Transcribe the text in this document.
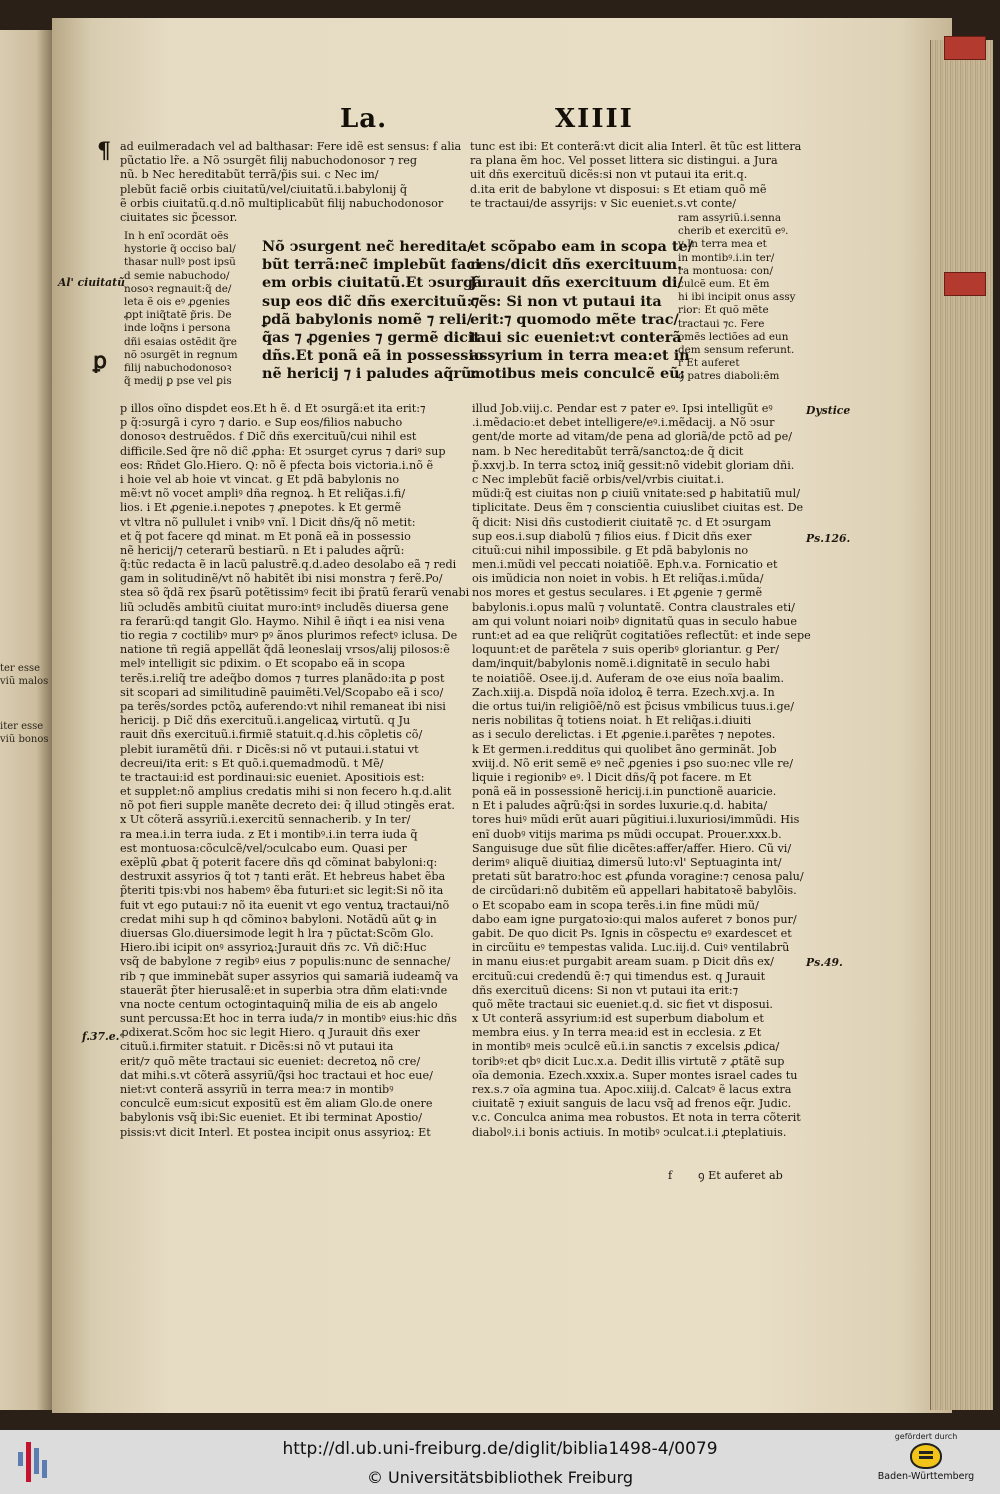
ter esse
viũ malos
iter esse
viũ bonos
La.	XIIII
¶
ꝑ
ad euilmeradach vel ad balthasar: Fere idẽ est sensus: ẜ alia
pũctatio lr̃e. a Nõ ↄsurgẽt filij nabuchodonosor ⁊ reg
nũ. b Nec hereditabũt terrã/p̃is sui. c Nec im/
plebũt faciẽ orbis ciuitatũ/vel/ciuitatũ.i.babylonij q̃
ẽ orbis ciuitatũ.q.d.nõ multiplicabũt filij nabuchodonosor
ciuitates sic p̃cessor.
In h enĩ ↄcordãt oẽs
hystorie q̃ occiso bal/
thasar nullꝰ post ipsũ
d semie nabuchodo/
nosoꝛ regnauit:q̃ de/
leta ẽ ois eꝰ ꝓgenies
ꝓpt iniq̃tatẽ p̃ris. De
inde loq̃ns i persona
dñi esaias ostẽdit q̃re
nõ ↄsurgẽt in regnum
filij nabuchodonosoꝛ
q̃ medij ꝑ pse vel ꝑis
Nõ ↄsurgent nec̃ heredita/
bũt terrã:nec̃ implebũt faci
em orbis ciuitatũ.Et ↄsurgã
sup eos dic̃ dñs exercituũ:⁊
ꝑdã babylonis nomẽ ⁊ reli/
q̃as ⁊ ꝓgenies ⁊ germẽ dicit
dñs.Et ponã eã in possessio
nẽ hericij ⁊ i paludes aq̃rũ:
et scõpabo eam in scopa te/
rens/dicit dñs exercituum.
Jurauit dñs exercituum di/
cẽs: Si non vt putaui ita
erit:⁊ quomodo mẽte trac/
taui sic eueniet:vt conterã
assyrium in terra mea:et in
motibus meis conculcẽ eũ:
tunc est ibi: Et conterã:vt dicit alia Interl. ẽt tũc est littera
ra plana ẽm hoc. Vel posset littera sic distingui. a Jura
uit dñs exercituũ dicẽs:si non vt putaui ita erit.q.
d.ita erit de babylone vt disposui: s Et etiam quõ mẽ
te tractaui/de assyrijs: v Sic eueniet.s.vt conte/
ram assyriũ.i.senna
cherib et exercitũ eꝰ.
y In terra mea et
in montibꝰ.i.in ter/
ra montuosa: con/
culcẽ eum. Et ẽm
hi ibi incipit onus assy
rior: Et quõ mẽte
tractaui ⁊c. Fere
omẽs lectiões ad eun
dem sensum referunt.
r Et auferet
ꝯ patres diaboli:ẽm
p illos oĩno dispdet eos.Et h ẽ. d Et ↄsurgã:et ita erit:⁊
p q̃:ↄsurgã i cyro ⁊ dario. e Sup eos/filios nabucho
donosoꝛ destruẽdos. f Dic̃ dñs exercituũ/cui nihil est
difficile.Sed q̃re nõ dic̃ ꝓpha: Et ↄsurget cyrus ⁊ dariꝰ sup
eos: Rñdet Glo.Hiero. Q: nõ ẽ pfecta bois victoria.i.nõ ẽ
i hoie vel ab hoie vt vincat. g Et pdã babylonis no
mẽ:vt nõ vocet ampliꝰ dña regnoꝝ. h Et reliq̃as.i.fi/
lios. i Et ꝓgenie.i.nepotes ⁊ ꝓnepotes. k Et germẽ
vt vltra nõ pullulet i vnibꝰ vnĩ. l Dicit dñs/q̃ nõ metit:
et q̃ pot facere qd minat. m Et ponã eã in possessio
nẽ hericij/⁊ ceterarũ bestiarũ. n Et i paludes aq̃rũ:
q̃:tũc redacta ẽ in lacũ palustrẽ.q.d.adeo desolabo eã ⁊ redi
gam in solitudinẽ/vt nõ habitẽt ibi nisi monstra ⁊ ferẽ.Po/
stea sõ q̃dã rex p̃sarũ potẽtissimꝰ fecit ibi p̃ratũ ferarũ venabi
liũ ↄcludẽs ambitũ ciuitat muro:intꝰ includẽs diuersa gene
ra ferarũ:qd tangit Glo. Haymo. Nihil ẽ iñqt i ea nisi vena
tio regia ⁊ coctilibꝰ murꝰ pꝰ ãnos plurimos refectꝰ iclusa. De
natione tñ regiã appellãt q̃dã leoneslaij vrsos/alij pilosos:ẽ
melꝰ intelligit sic pdixim. o Et scopabo eã in scopa
terẽs.i.reliq̃ tre adeq̃bo domos ⁊ turres planãdo:ita ꝑ post
sit scopari ad similitudinẽ pauimẽti.Vel/Scopabo eã i sco/
pa terẽs/sordes pctõꝝ auferendo:vt nihil remaneat ibi nisi
hericij. p Dic̃ dñs exercituũ.i.angelicaꝝ virtutũ. q Ju
rauit dñs exercituũ.i.firmiẽ statuit.q.d.his cõpletis cõ/
plebit iuramẽtũ dñi. r Dicẽs:si nõ vt putaui.i.statui vt
decreui/ita erit: s Et quõ.i.quemadmodũ. t Mẽ/
te tractaui:id est pordinaui:sic eueniet. Apositiois est:
et supplet:nõ amplius credatis mihi si non fecero h.q.d.alit
nõ pot fieri supple manẽte decreto dei: q̃ illud ↄtingẽs erat.
x Ut cõterã assyriũ.i.exercitũ sennacherib. y In ter/
ra mea.i.in terra iuda. z Et i montibꝰ.i.in terra iuda q̃
est montuosa:cõculcẽ/vel/ↄculcabo eum. Quasi per
exẽplũ ꝓbat q̃ poterit facere dñs qd cõminat babyloni:q:
destruxit assyrios q̃ tot ⁊ tanti erãt. Et hebreus habet ẽba
p̃teriti tpis:vbi nos habemꝰ ẽba futuri:et sic legit:Si nõ ita
fuit vt ego putaui:⁊ nõ ita euenit vt ego ventuꝝ tractaui/nõ
credat mihi sup h qd cõminoꝛ babyloni. Notãdũ aũt ꝙ in
diuersas Glo.diuersimode legit h lra ⁊ pũctat:Scõm Glo.
Hiero.ibi icipit onꝰ assyrioꝝ:Jurauit dñs ⁊c. Vñ dic̃:Huc
vsq̃ de babylone ⁊ regibꝰ eius ⁊ populis:nunc de sennache/
rib ⁊ que imminebãt super assyrios qui samariã iudeamq̃ va
stauerãt p̃ter hierusalẽ:et in superbia ↄtra dñm elati:vnde
vna nocte centum octogintaquinq̃ milia de eis ab angelo
sunt percussa:Et hoc in terra iuda/⁊ in montibꝰ eius:hic dñs
ꝓdixerat.Scõm hoc sic legit Hiero. q Jurauit dñs exer
cituũ.i.firmiter statuit. r Dicẽs:si nõ vt putaui ita
erit/⁊ quõ mẽte tractaui sic eueniet: decretoꝝ nõ cre/
dat mihi.s.vt cõterã assyriũ/q̃si hoc tractaui et hoc eue/
niet:vt conterã assyriũ in terra mea:⁊ in montibꝰ
conculcẽ eum:sicut expositũ est ẽm aliam Glo.de onere
babylonis vsq̃ ibi:Sic eueniet. Et ibi terminat Apostio/
pissis:vt dicit Interl. Et postea incipit onus assyrioꝝ: Et
illud Job.viij.c. Pendar est ⁊ pater eꝰ. Ipsi intelligũt eꝰ
.i.mẽdacio:et debet intelligere/eꝰ.i.mẽdacij. a Nõ ↄsur
gent/de morte ad vitam/de pena ad gloriã/de pctõ ad ꝑe/
nam. b Nec hereditabũt terrã/sanctoꝝ:de q̃ dicit
p̃.xxvj.b. In terra sctoꝝ iniq̃ gessit:nõ videbit gloriam dñi.
c Nec implebũt faciẽ orbis/vel/vrbis ciuitat.i.
mũdi:q̃ est ciuitas non ꝑ ciuiũ vnitate:sed ꝑ habitatiũ mul/
tiplicitate. Deus ẽm ⁊ conscientia cuiuslibet ciuitas est. De
q̃ dicit: Nisi dñs custodierit ciuitatẽ ⁊c. d Et ↄsurgam
sup eos.i.sup diabolũ ⁊ filios eius. f Dicit dñs exer
cituũ:cui nihil impossibile. g Et pdã babylonis no
men.i.mũdi vel peccati noiatiõẽ. Eph.v.a. Fornicatio et
ois imũdicia non noiet in vobis. h Et reliq̃as.i.mũda/
nos mores et gestus seculares. i Et ꝓgenie ⁊ germẽ
babylonis.i.opus malũ ⁊ voluntatẽ. Contra claustrales eti/
am qui volunt noiari noibꝰ dignitatũ quas in seculo habue
runt:et ad ea que reliq̃rũt cogitatiões reflectũt: et inde sepe
loquunt:et de parẽtela ⁊ suis operibꝰ gloriantur. g Per/
dam/inquit/babylonis nomẽ.i.dignitatẽ in seculo habi
te noiatiõẽ. Osee.ij.d. Auferam de oꝛe eius noĩa baalim.
Zach.xiij.a. Dispdã noĩa idoloꝝ ẽ terra. Ezech.xvj.a. In
die ortus tui/in religiõẽ/nõ est p̃cisus vmbilicus tuus.i.ge/
neris nobilitas q̃ totiens noiat. h Et reliq̃as.i.diuiti
as i seculo derelictas. i Et ꝓgenie.i.parẽtes ⁊ nepotes.
k Et germen.i.redditus qui quolibet ãno germinãt. Job
xviij.d. Nõ erit semẽ eꝰ nec̃ ꝓgenies i ꝑso suo:nec vlle re/
liquie i regionibꝰ eꝰ. l Dicit dñs/q̃ pot facere. m Et
ponã eã in possessionẽ hericij.i.in punctionẽ auaricie.
n Et i paludes aq̃rũ:q̃si in sordes luxurie.q.d. habita/
tores huiꝰ mũdi erũt auari pũgitiui.i.luxuriosi/immũdi. His
enĩ duobꝰ vitijs marima ps mũdi occupat. Prouer.xxx.b.
Sanguisuge due sũt filie dicẽtes:affer/affer. Hiero. Cũ vi/
derimꝰ aliquẽ diuitiaꝝ dimersũ luto:vl' Septuaginta int/
pretati sũt baratro:hoc est ꝓfunda voragine:⁊ cenosa palu/
de circũdari:nõ dubitẽm eũ appellari habitatoꝛẽ babylõis.
o Et scopabo eam in scopa terẽs.i.in fine mũdi mũ/
dabo eam igne purgatoꝛio:qui malos auferet ⁊ bonos pur/
gabit. De quo dicit Ps. Ignis in cõspectu eꝰ exardescet et
in circũitu eꝰ tempestas valida. Luc.iij.d. Cuiꝰ ventilabrũ
in manu eius:et purgabit aream suam. p Dicit dñs ex/
ercituũ:cui credendũ ẽ:⁊ qui timendus est. q Jurauit
dñs exercituũ dicens: Si non vt putaui ita erit:⁊
quõ mẽte tractaui sic eueniet.q.d. sic fiet vt disposui.
x Ut conterã assyrium:id est superbum diabolum et
membra eius. y In terra mea:id est in ecclesia. z Et
in montibꝰ meis ↄculcẽ eũ.i.in sanctis ⁊ excelsis ꝓdica/
toribꝰ:et qbꝰ dicit Luc.x.a. Dedit illis virtutẽ ⁊ ꝓtãtẽ sup
oĩa demonia. Ezech.xxxix.a. Super montes israel cades tu
rex.s.⁊ oĩa agmina tua. Apoc.xiiij.d. Calcatꝰ ẽ lacus extra
ciuitatẽ ⁊ exiuit sanguis de lacu vsq̃ ad frenos eq̃r. Judic.
v.c. Conculca anima mea robustos. Et nota in terra cõterit
diabolꝰ.i.i bonis actiuis. In motibꝰ ↄculcat.i.i ꝓteplatiuis.
Al' ciuitatũ
Dystice
Ps.126.
Ps.49.
f.37.e.
f	ꝯ Et auferet ab
http://dl.ub.uni-freiburg.de/diglit/biblia1498-4/0079
© Universitätsbibliothek Freiburg
gefördert durch
Baden-Württemberg
